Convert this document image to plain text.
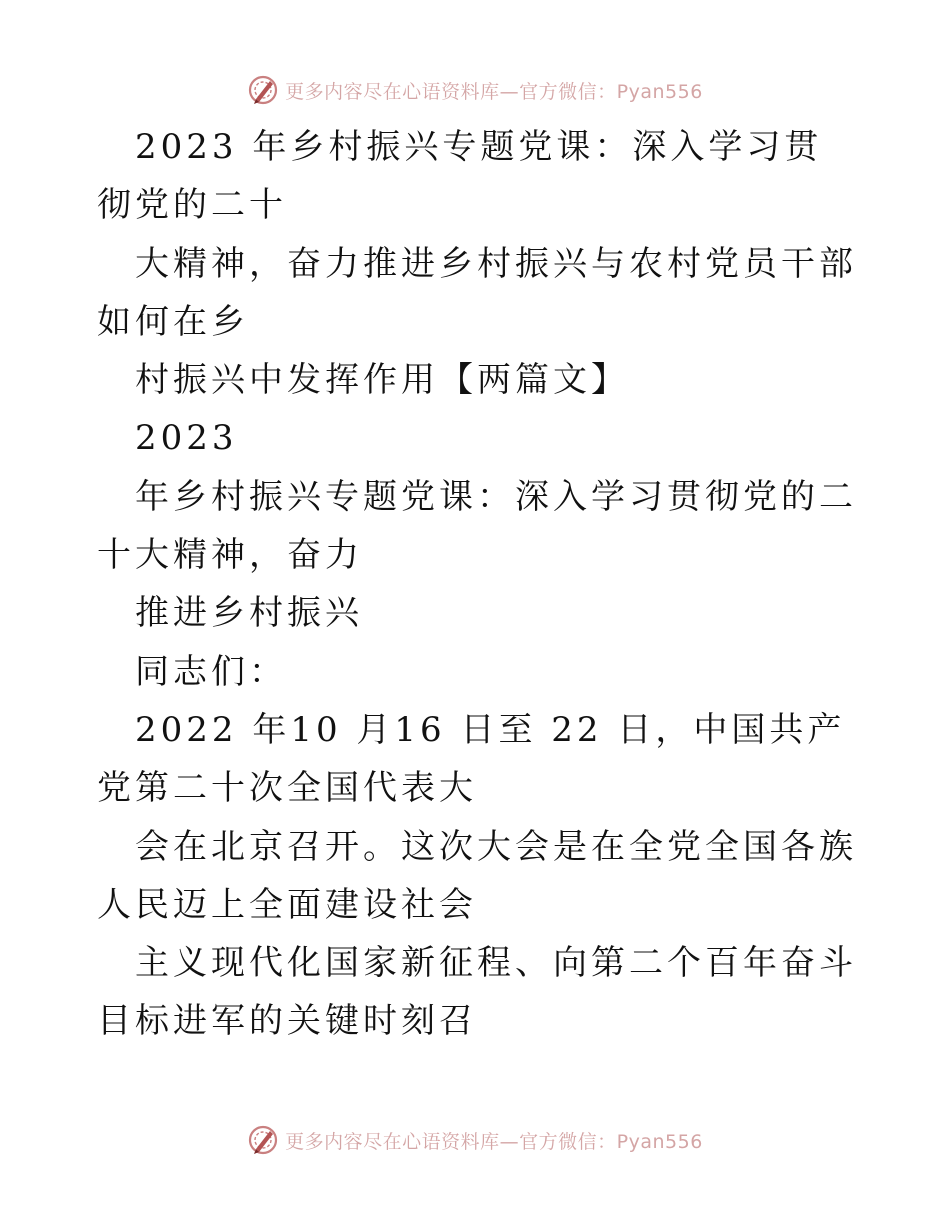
更多内容尽在心语资料库—官方微信：Pyan556

2023 年乡村振兴专题党课：深入学习贯彻党的二十

大精神，奋力推进乡村振兴与农村党员干部如何在乡

村振兴中发挥作用【两篇文】

2023

年乡村振兴专题党课：深入学习贯彻党的二十大精神，奋力

推进乡村振兴

同志们：

2022 年10 月16 日至 22 日，中国共产党第二十次全国代表大

会在北京召开。这次大会是在全党全国各族人民迈上全面建设社会

主义现代化国家新征程、向第二个百年奋斗目标进军的关键时刻召

更多内容尽在心语资料库—官方微信：Pyan556
